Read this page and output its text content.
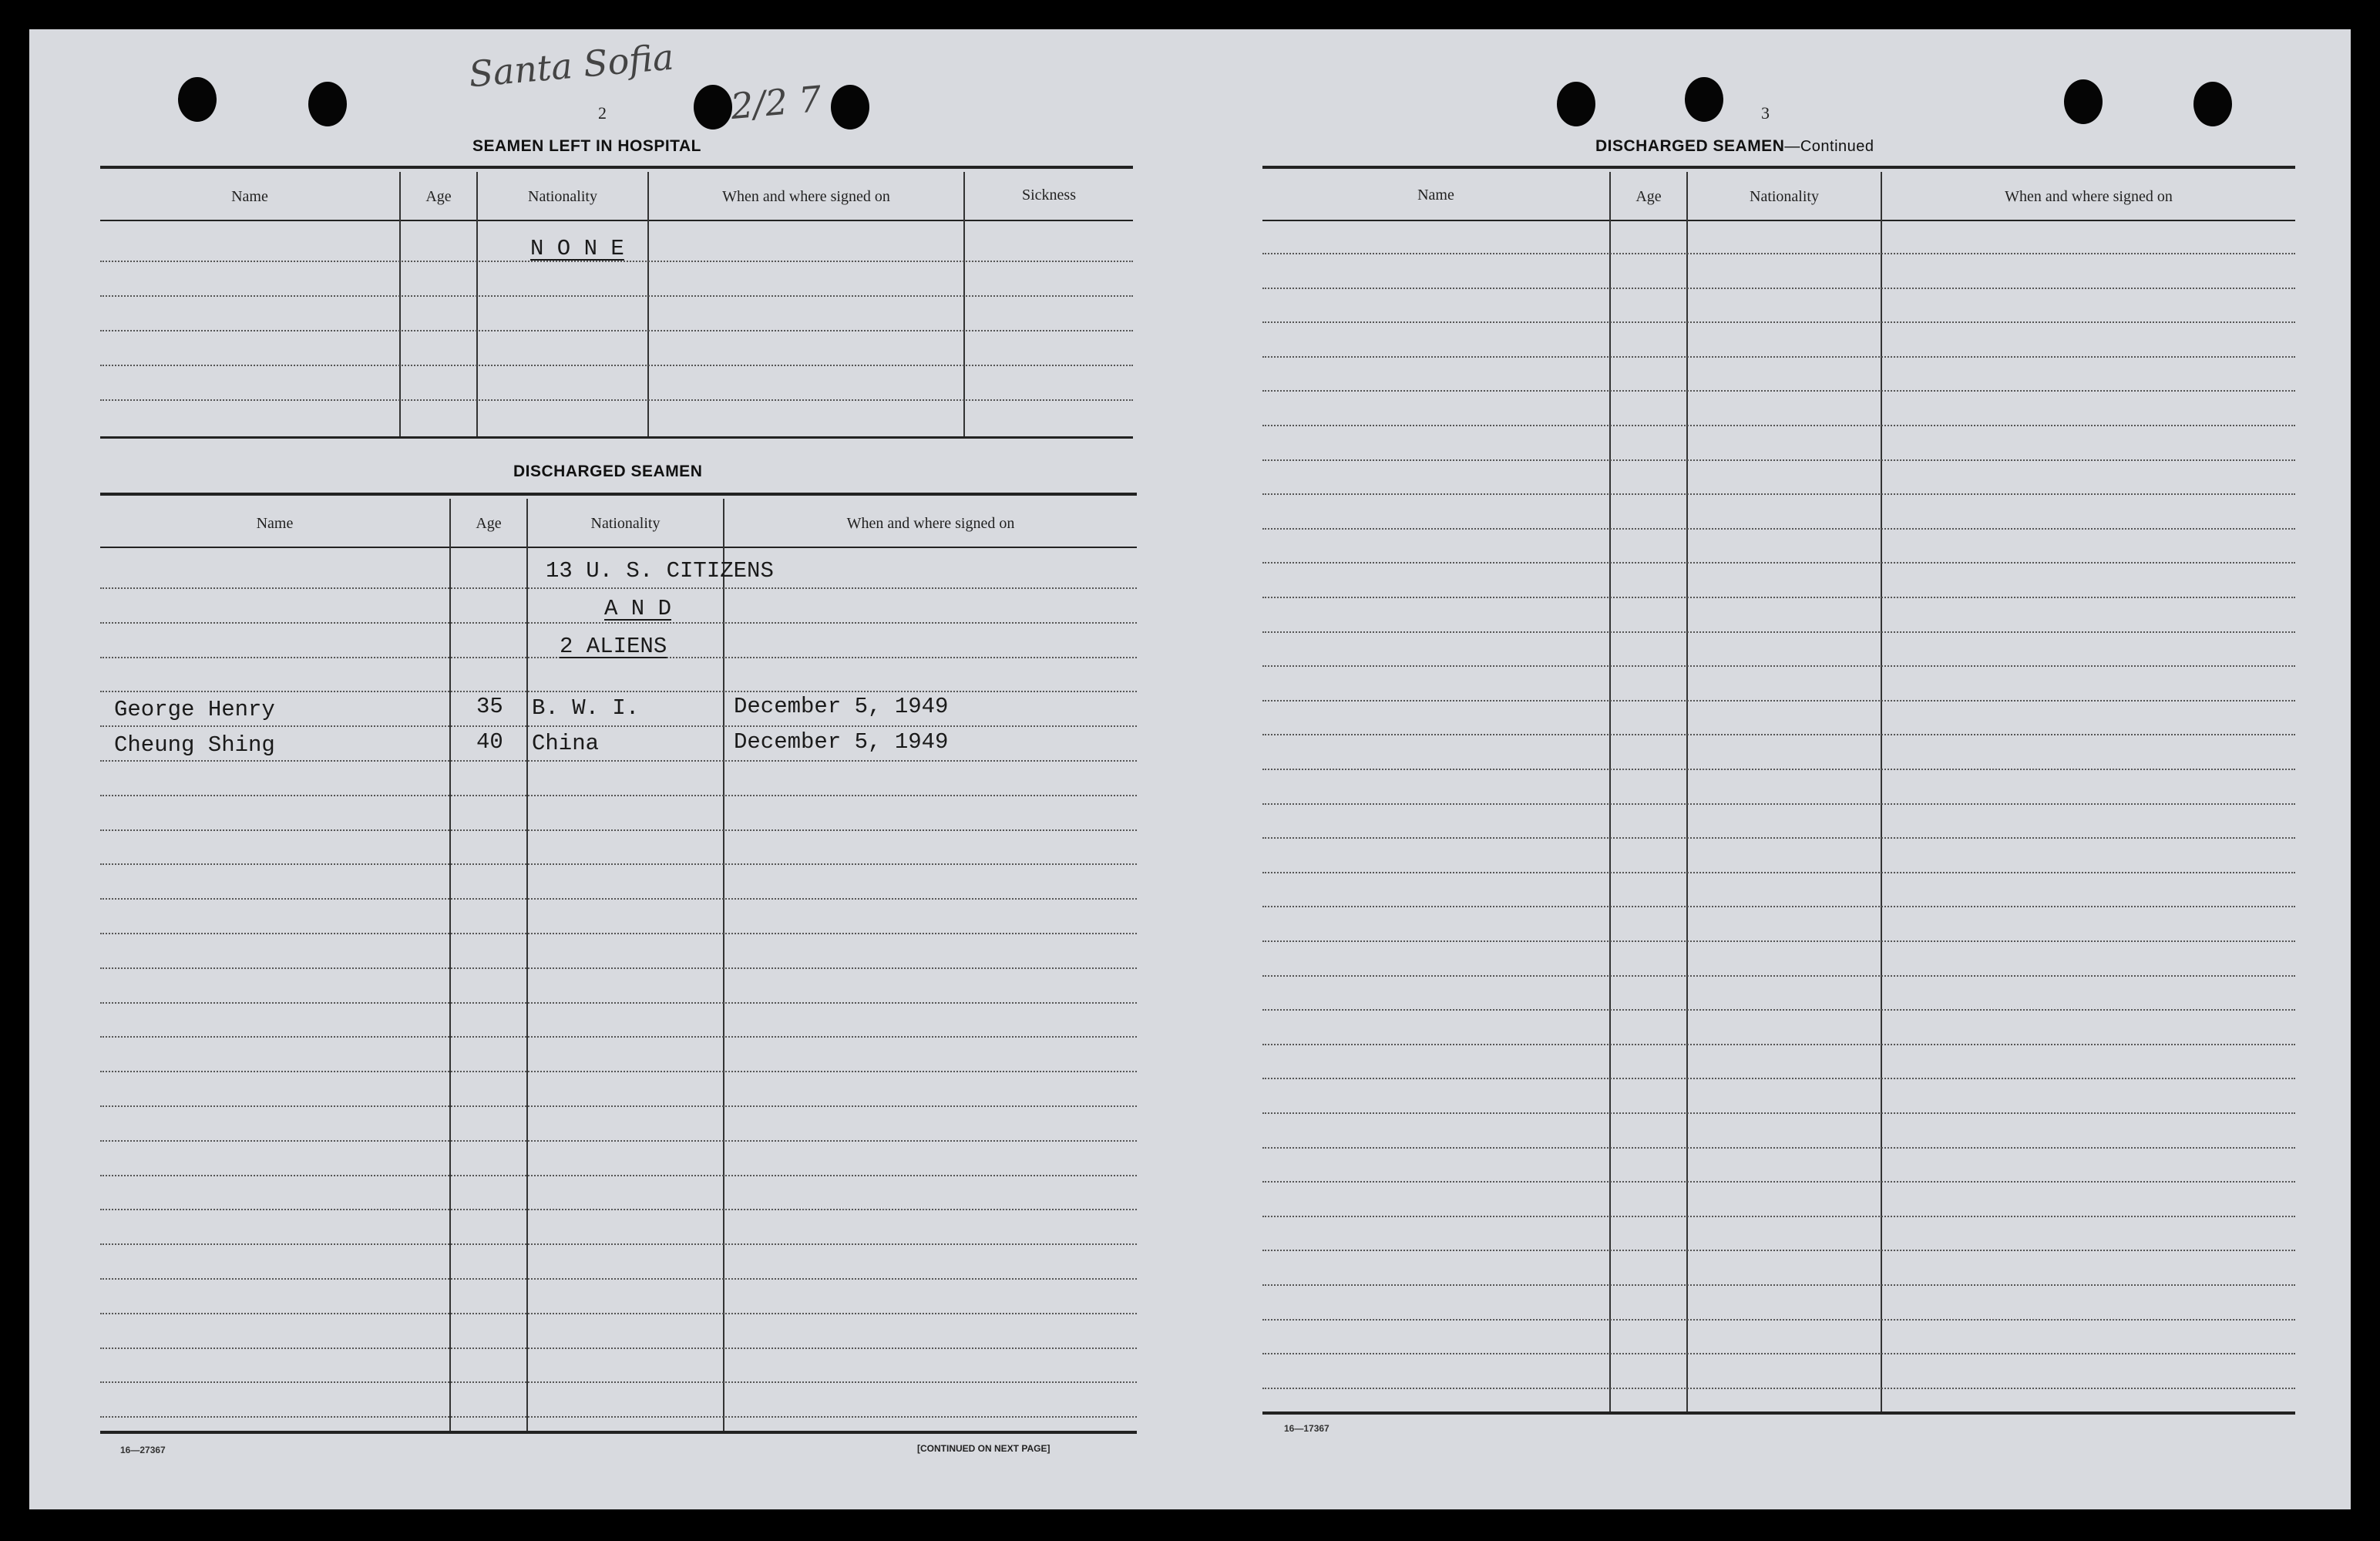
Santa Sofia
2/2 7
2
SEAMEN LEFT IN HOSPITAL
Name	Age	Nationality	When and where signed on	Sickness
N O N E
DISCHARGED SEAMEN
Name	Age	Nationality	When and where signed on
13 U. S. CITIZENS
A N D
2 ALIENS
George Henry	35 B. W. I.	December 5, 1949
Cheung Shing	40 China	December 5, 1949
16—27367	[CONTINUED ON NEXT PAGE]
3
DISCHARGED SEAMEN—Continued
Name	Age	Nationality	When and where signed on
16—17367
